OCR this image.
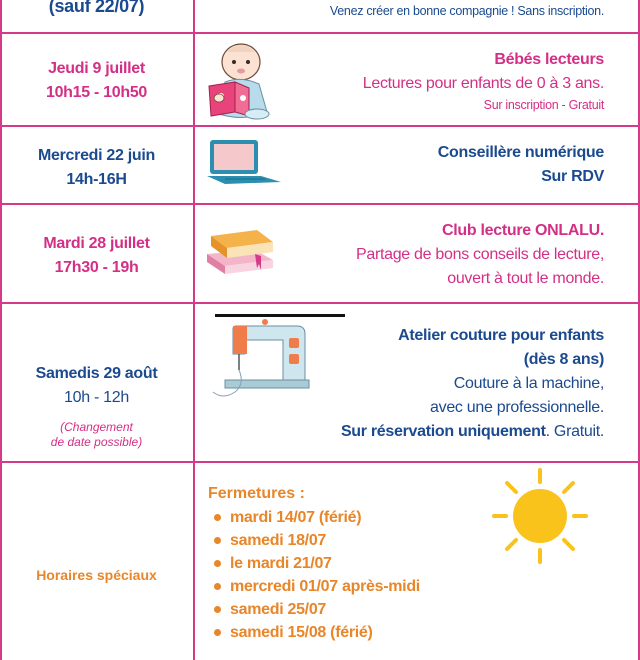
(sauf 22/07)	Venez créer en bonne compagnie ! Sans inscription.
Jeudi 9 juillet
10h15 - 10h50
Bébés lecteurs
Lectures pour enfants de 0 à 3 ans.
Sur inscription - Gratuit
Mercredi 22 juin
14h-16H
Conseillère numérique
Sur RDV
Mardi 28 juillet
17h30 - 19h
Club lecture ONLALU.
Partage de bons conseils de lecture,
ouvert à tout le monde.
Samedis 29 août
10h - 12h
(Changement
de date possible)
Atelier couture pour enfants
(dès 8 ans)
Couture à la machine,
avec une professionnelle.
Sur réservation uniquement. Gratuit.
Horaires spéciaux
Fermetures :
mardi 14/07 (férié)
samedi 18/07
le mardi 21/07
mercredi 01/07 après-midi
samedi 25/07
samedi 15/08 (férié)
